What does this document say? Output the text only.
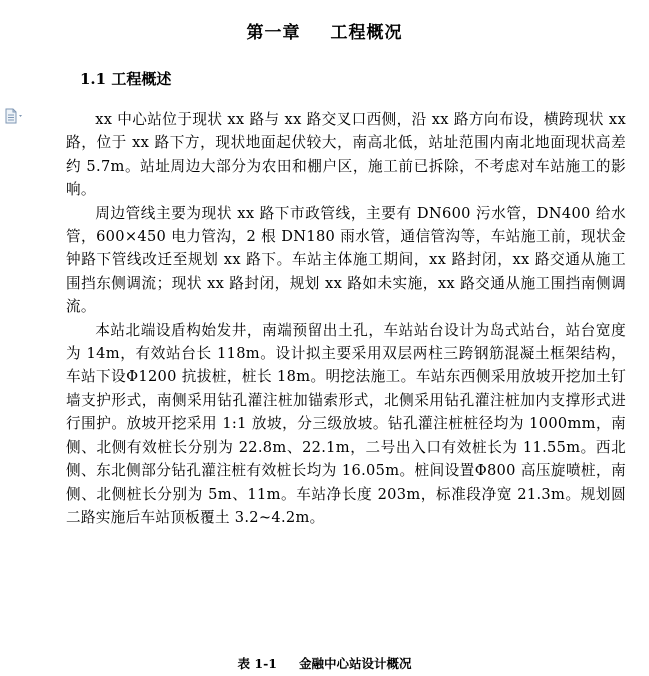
第一章 工程概况
1.1 工程概述

xx 中心站位于现状 xx 路与 xx 路交叉口西侧，沿 xx 路方向布设，横跨现状 xx 路，位于 xx 路下方，现状地面起伏较大，南高北低，站址范围内南北地面现状高差约 5.7m。站址周边大部分为农田和棚户区，施工前已拆除，不考虑对车站施工的影响。

周边管线主要为现状 xx 路下市政管线，主要有 DN600 污水管，DN400 给水管，600×450 电力管沟，2 根 DN180 雨水管，通信管沟等，车站施工前，现状金钟路下管线改迁至规划 xx 路下。车站主体施工期间，xx 路封闭，xx 路交通从施工围挡东侧调流；现状 xx 路封闭，规划 xx 路如未实施，xx 路交通从施工围挡南侧调流。

本站北端设盾构始发井，南端预留出土孔，车站站台设计为岛式站台，站台宽度为 14m，有效站台长 118m。设计拟主要采用双层两柱三跨钢筋混凝土框架结构，车站下设Φ1200 抗拔桩，桩长 18m。明挖法施工。车站东西侧采用放坡开挖加土钉墙支护形式，南侧采用钻孔灌注桩加锚索形式，北侧采用钻孔灌注桩加内支撑形式进行围护。放坡开挖采用 1:1 放坡，分三级放坡。钻孔灌注桩桩径均为 1000mm，南侧、北侧有效桩长分别为 22.8m、22.1m，二号出入口有效桩长为 11.55m。西北侧、东北侧部分钻孔灌注桩有效桩长均为 16.05m。桩间设置Φ800 高压旋喷桩，南侧、北侧桩长分别为 5m、11m。车站净长度 203m，标准段净宽 21.3m。规划圆二路实施后车站顶板覆土 3.2~4.2m。

表 1-1 金融中心站设计概况
